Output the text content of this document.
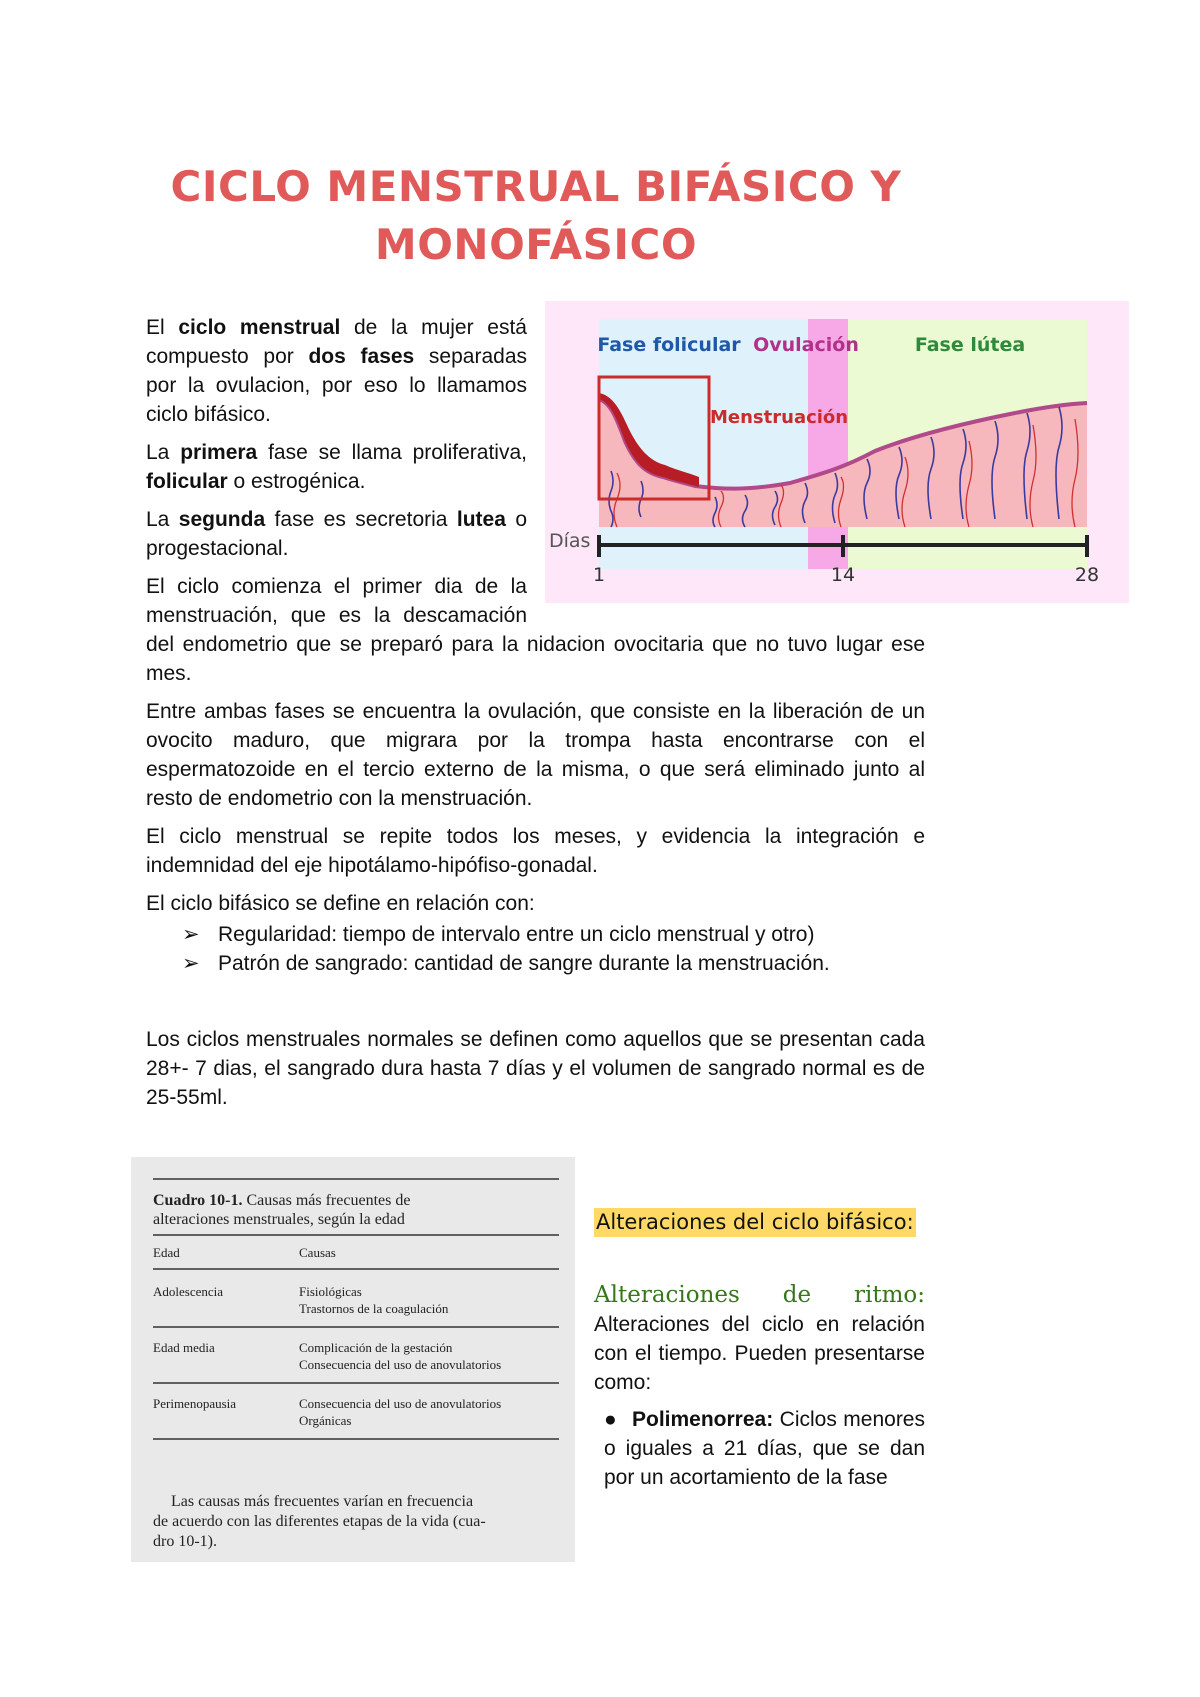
CICLO MENSTRUAL BIFÁSICO Y
MONOFÁSICO
Fase folicular Ovulación	Fase lútea
Menstruación
Días
1	14	28

El ciclo menstrual de la mujer está compuesto por dos fases separadas por la ovulacion, por eso lo llamamos ciclo bifásico.

La primera fase se llama proliferativa, folicular o estrogénica.

La segunda fase es secretoria lutea o progestacional.

El ciclo comienza el primer dia de la menstruación, que es la descamación del endometrio que se preparó para la nidacion ovocitaria que no tuvo lugar ese mes.

Entre ambas fases se encuentra la ovulación, que consiste en la liberación de un ovocito maduro, que migrara por la trompa hasta encontrarse con el espermatozoide en el tercio externo de la misma, o que será eliminado junto al resto de endometrio con la menstruación.

El ciclo menstrual se repite todos los meses, y evidencia la integración e indemnidad del eje hipotálamo-hipófiso-gonadal.

El ciclo bifásico se define en relación con:

➢ Regularidad: tiempo de intervalo entre un ciclo menstrual y otro)
➢ Patrón de sangrado: cantidad de sangre durante la menstruación.

Los ciclos menstruales normales se definen como aquellos que se presentan cada 28+- 7 dias, el sangrado dura hasta 7 días y el volumen de sangrado normal es de 25-55ml.

Cuadro 10-1. Causas más frecuentes de
alteraciones menstruales, según la edad
Edad	Causas
Adolescencia	Fisiológicas
Trastornos de la coagulación
Edad media	Complicación de la gestación
Consecuencia del uso de anovulatorios
Perimenopausia	Consecuencia del uso de anovulatorios
Orgánicas
Las causas más frecuentes varían en frecuencia
de acuerdo con las diferentes etapas de la vida (cua-
dro 10-1).
Alteraciones del ciclo bifásico:

Alteraciones de ritmo: Alteraciones del ciclo en relación con el tiempo. Pueden presentarse como:

● Polimenorrea: Ciclos menores o iguales a 21 días, que se dan por un acortamiento de la fase
